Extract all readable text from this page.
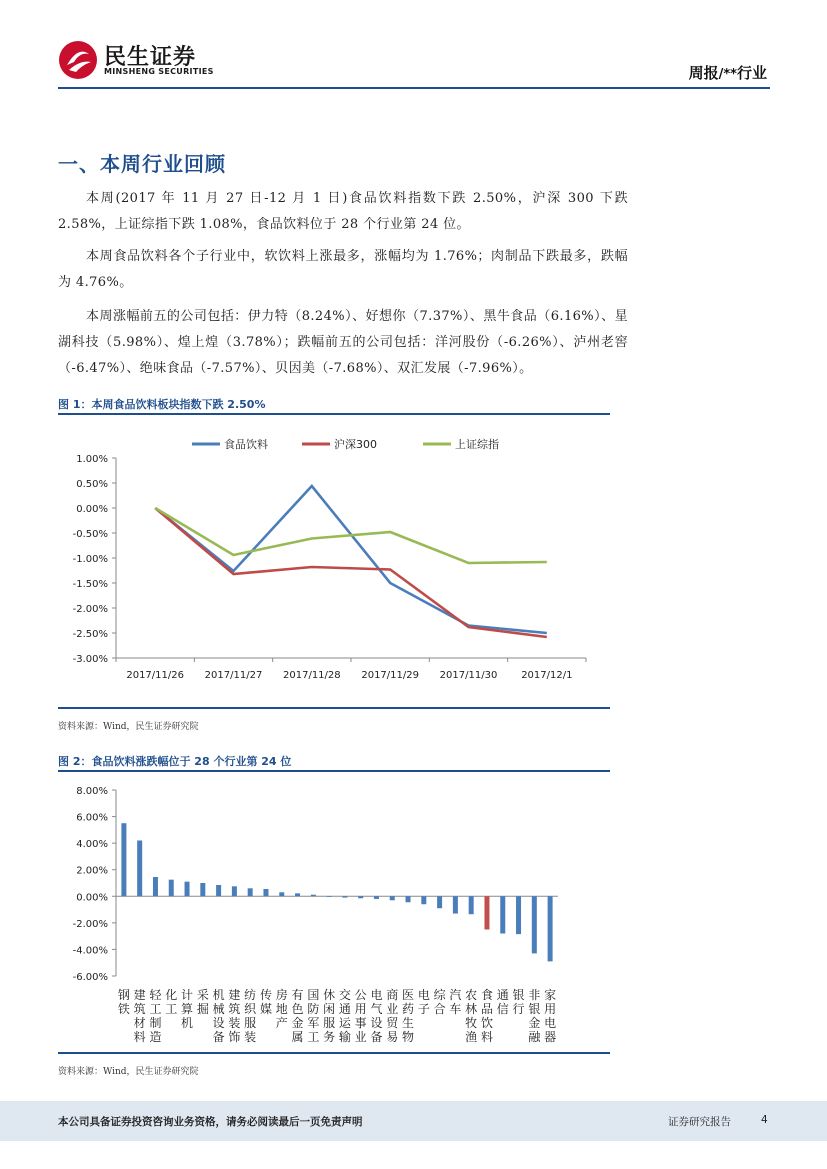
民生证券
MINSHENG SECURITIES	周报/**行业
一、本周行业回顾
本周(2017 年 11 月 27 日-12 月 1 日)食品饮料指数下跌 2.50%，沪深 300 下跌 2.58%，上证综指下跌 1.08%，食品饮料位于 28 个行业第 24 位。
本周食品饮料各个子行业中，软饮料上涨最多，涨幅均为 1.76%；肉制品下跌最多，跌幅为 4.76%。
本周涨幅前五的公司包括：伊力特（8.24%）、好想你（7.37%）、黑牛食品（6.16%）、星湖科技（5.98%）、煌上煌（3.78%）；跌幅前五的公司包括：洋河股份（-6.26%）、泸州老窖（-6.47%）、绝味食品（-7.57%）、贝因美（-7.68%）、双汇发展（-7.96%）。
图 1：本周食品饮料板块指数下跌 2.50%
1.00%
0.50%
0.00%
-0.50%
-1.00%
-1.50%
-2.00%
-2.50%
-3.00%
2017/11/26 2017/11/27 2017/11/28 2017/11/29 2017/11/30 2017/12/1
食品饮料	沪深300	上证综指
资料来源：Wind，民生证券研究院
图 2：食品饮料涨跌幅位于 28 个行业第 24 位
8.00%
6.00%
4.00%
2.00%
0.00%
-2.00%
-4.00%
-6.00%
钢铁
建筑材料
轻工制造
化工
计算机
采掘
机械设备
建筑装饰
纺织服装
传媒
房地产
有色金属
国防军工
休闲服务
交通运输
公用事业
电气设备
商业贸易
医药生物
电子
综合
汽车
农林牧渔
食品饮料
通信
银行
非银金融
家用电器
资料来源：Wind，民生证券研究院
本公司具备证券投资咨询业务资格，请务必阅读最后一页免责声明	证券研究报告	4
